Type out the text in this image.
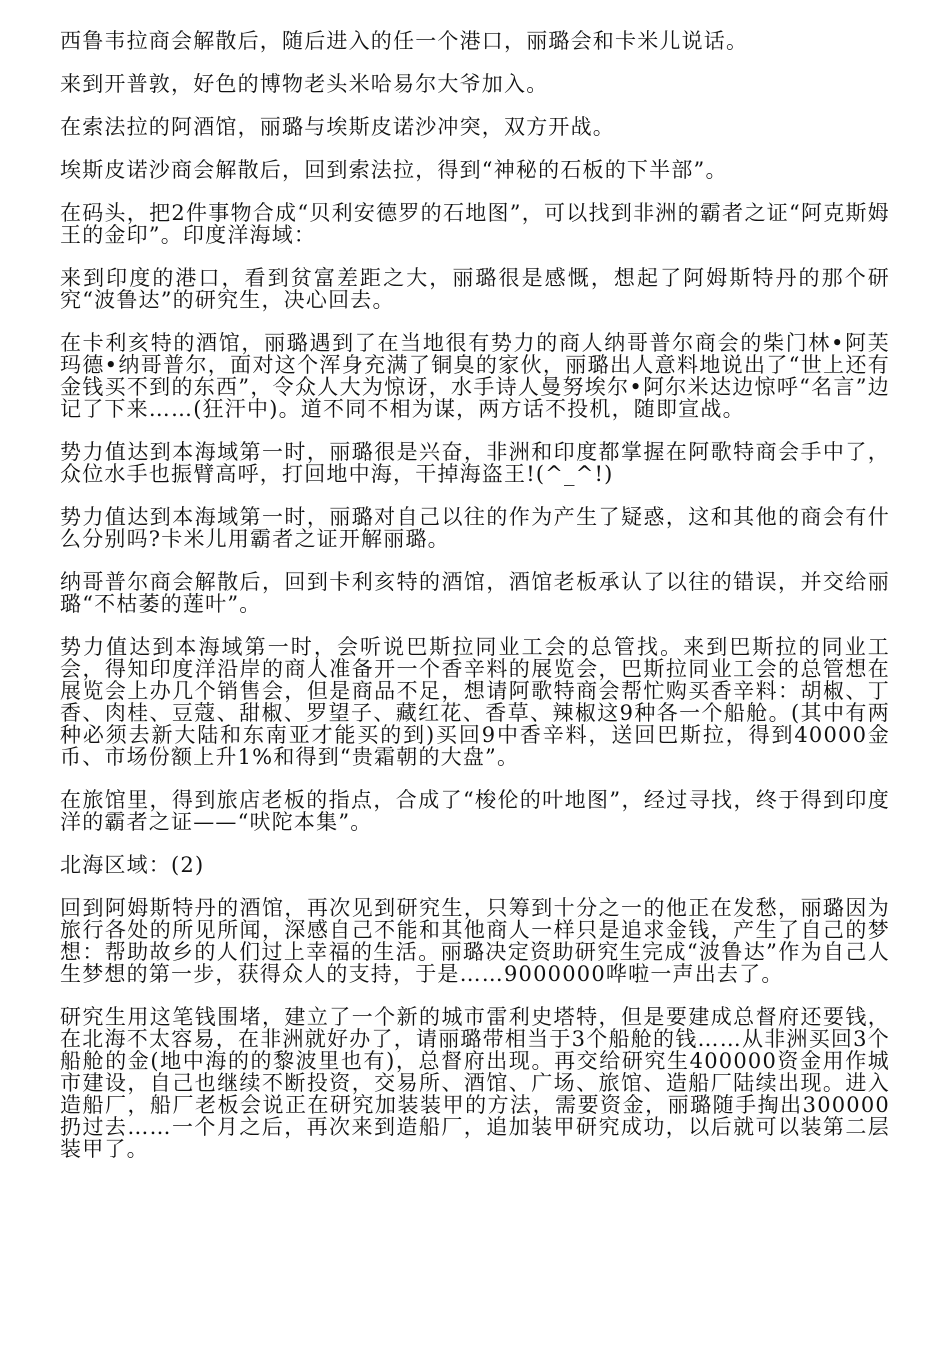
西鲁韦拉商会解散后，随后进入的任一个港口，丽璐会和卡米儿说话。

来到开普敦，好色的博物老头米哈易尔大爷加入。

在索法拉的阿酒馆，丽璐与埃斯皮诺沙冲突，双方开战。

埃斯皮诺沙商会解散后，回到索法拉，得到“神秘的石板的下半部”。

在码头，把2件事物合成“贝利安德罗的石地图”，可以找到非洲的霸者之证“阿克斯姆王的金印”。印度洋海域：

来到印度的港口，看到贫富差距之大，丽璐很是感慨，想起了阿姆斯特丹的那个研究“波鲁达”的研究生，决心回去。

在卡利亥特的酒馆，丽璐遇到了在当地很有势力的商人纳哥普尔商会的柴门林•阿芙玛德•纳哥普尔，面对这个浑身充满了铜臭的家伙，丽璐出人意料地说出了“世上还有金钱买不到的东西”，令众人大为惊讶，水手诗人曼努埃尔•阿尔米达边惊呼“名言”边记了下来……(狂汗中)。道不同不相为谋，两方话不投机，随即宣战。

势力值达到本海域第一时，丽璐很是兴奋，非洲和印度都掌握在阿歌特商会手中了，众位水手也振臂高呼，打回地中海，干掉海盗王!(^_^!)

势力值达到本海域第一时，丽璐对自己以往的作为产生了疑惑，这和其他的商会有什么分别吗?卡米儿用霸者之证开解丽璐。

纳哥普尔商会解散后，回到卡利亥特的酒馆，酒馆老板承认了以往的错误，并交给丽璐“不枯萎的莲叶”。

势力值达到本海域第一时，会听说巴斯拉同业工会的总管找。来到巴斯拉的同业工会，得知印度洋沿岸的商人准备开一个香辛料的展览会，巴斯拉同业工会的总管想在展览会上办几个销售会，但是商品不足，想请阿歌特商会帮忙购买香辛料：胡椒、丁香、肉桂、豆蔻、甜椒、罗望子、藏红花、香草、辣椒这9种各一个船舱。(其中有两种必须去新大陆和东南亚才能买的到)买回9中香辛料，送回巴斯拉，得到40000金币、市场份额上升1%和得到“贵霜朝的大盘”。

在旅馆里，得到旅店老板的指点，合成了“梭伦的叶地图”，经过寻找，终于得到印度洋的霸者之证——“吠陀本集”。

北海区域：(2)

回到阿姆斯特丹的酒馆，再次见到研究生，只筹到十分之一的他正在发愁，丽璐因为旅行各处的所见所闻，深感自己不能和其他商人一样只是追求金钱，产生了自己的梦想：帮助故乡的人们过上幸福的生活。丽璐决定资助研究生完成“波鲁达”作为自己人生梦想的第一步，获得众人的支持，于是……9000000哗啦一声出去了。

研究生用这笔钱围堵，建立了一个新的城市雷利史塔特，但是要建成总督府还要钱，在北海不太容易，在非洲就好办了，请丽璐带相当于3个船舱的钱……从非洲买回3个船舱的金(地中海的的黎波里也有)，总督府出现。再交给研究生400000资金用作城市建设，自己也继续不断投资，交易所、酒馆、广场、旅馆、造船厂陆续出现。进入造船厂，船厂老板会说正在研究加装装甲的方法，需要资金，丽璐随手掏出300000扔过去……一个月之后，再次来到造船厂，追加装甲研究成功，以后就可以装第二层装甲了。
